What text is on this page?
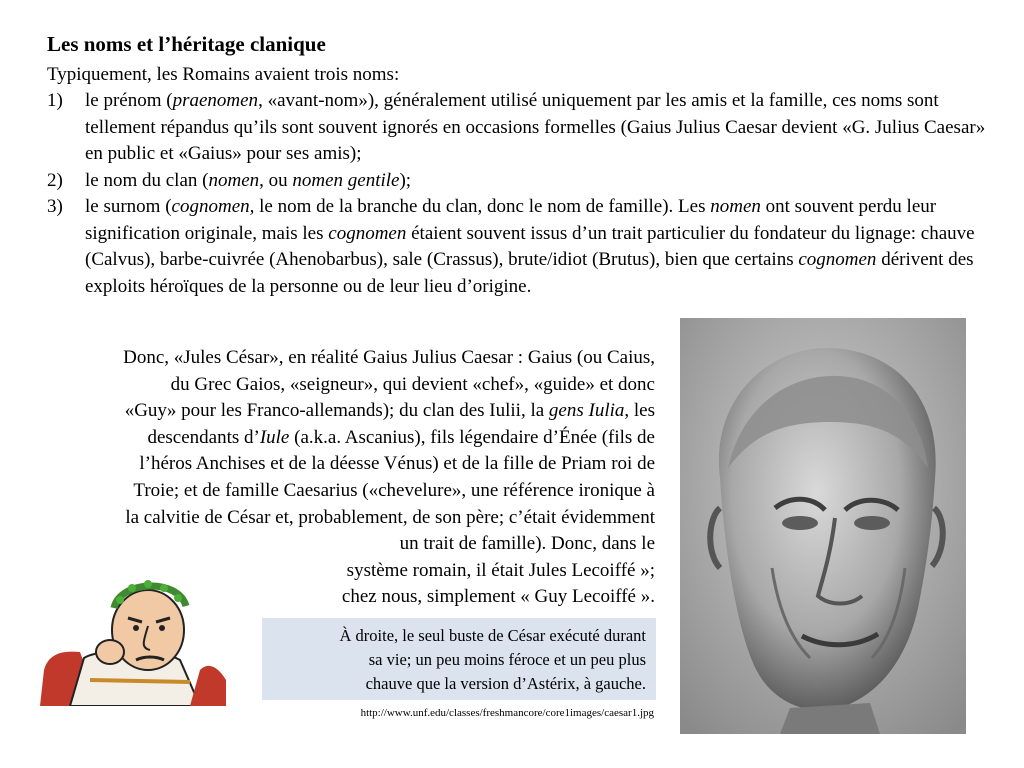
Les noms et l’héritage clanique

Typiquement, les Romains avaient trois noms:

1) le prénom (praenomen, «avant-nom»), généralement utilisé uniquement par les amis et la famille, ces noms sont tellement répandus qu’ils sont souvent ignorés en occasions formelles (Gaius Julius Caesar devient «G. Julius Caesar» en public et «Gaius» pour ses amis);
2) le nom du clan (nomen, ou nomen gentile);
3) le surnom (cognomen, le nom de la branche du clan, donc le nom de famille). Les nomen ont souvent perdu leur signification originale, mais les cognomen étaient souvent issus d’un trait particulier du fondateur du lignage: chauve (Calvus), barbe-cuivrée (Ahenobarbus), sale (Crassus), brute/idiot (Brutus), bien que certains cognomen dérivent des exploits héroïques de la personne ou de leur lieu d’origine.

Donc, «Jules César», en réalité Gaius Julius Caesar : Gaius (ou Caius,
du Grec Gaios, «seigneur», qui devient «chef», «guide» et donc
«Guy» pour les Franco-allemands); du clan des Iulii, la gens Iulia, les
descendants d’Iule (a.k.a. Ascanius), fils légendaire d’Énée (fils de
l’héros Anchises et de la déesse Vénus) et de la fille de Priam roi de
Troie; et de famille Caesarius («chevelure», une référence ironique à
la calvitie de César et, probablement, de son père; c’était évidemment
un trait de famille). Donc, dans le
système romain, il était Jules Lecoiffé »;
chez nous, simplement « Guy Lecoiffé ».

À droite, le seul buste de César exécuté durant
sa vie; un peu moins féroce et un peu plus
chauve que la version d’Astérix, à gauche.
http://www.unf.edu/classes/freshmancore/core1images/caesar1.jpg
